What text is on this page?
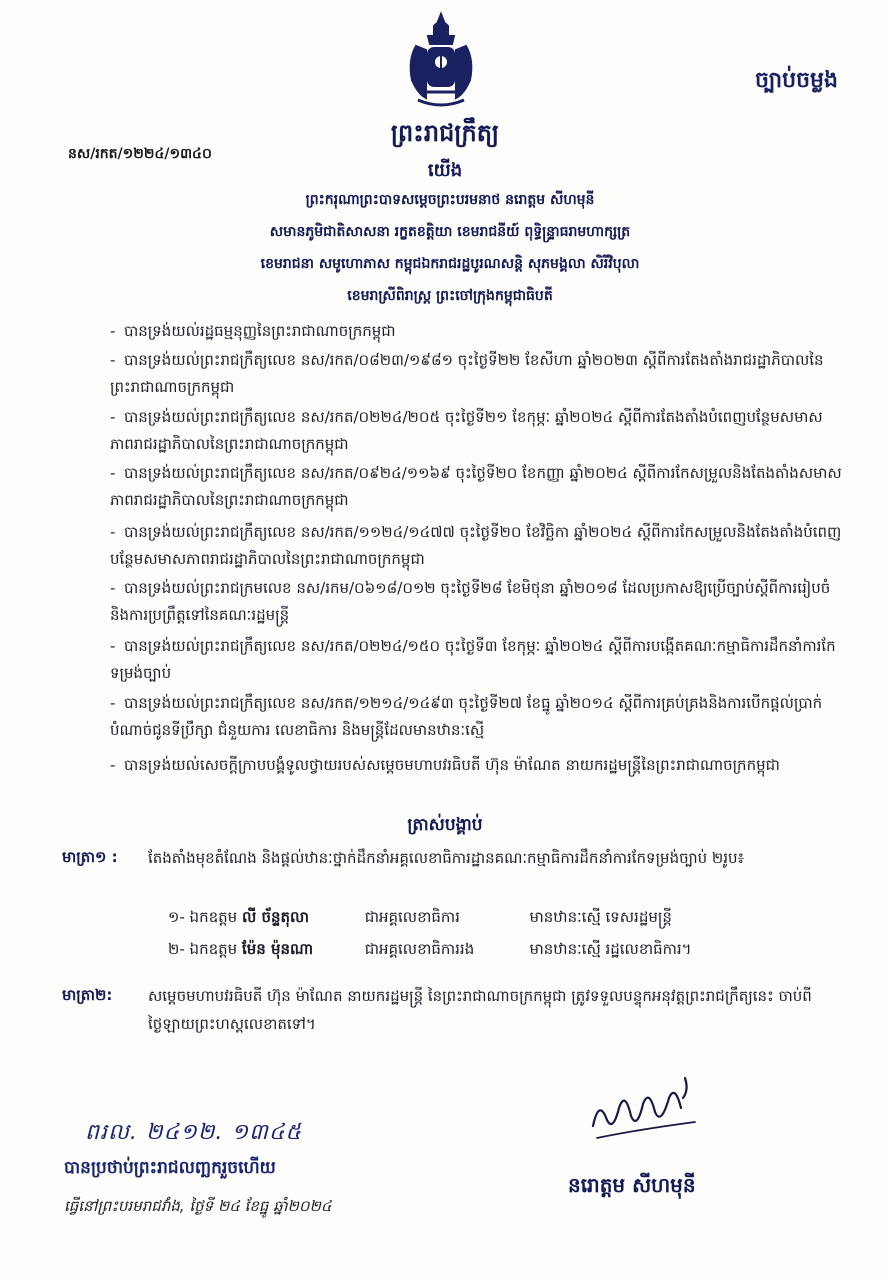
ច្បាប់ចម្លង
ព្រះរាជក្រឹត្យ
នស/រកត/១២២៤/១៣៤០
យើង
ព្រះករុណាព្រះបាទសម្តេចព្រះបរមនាថ នរោត្តម សីហមុនី
សមានភូមិជាតិសាសនា រក្ខតខត្តិយា ខេមរាជនីយ៍ ពុទ្ធិន្ទ្រាធរាមហាក្សត្រ
ខេមរាជនា សមូហោភាស កម្ពុជឯករាជរដ្ឋបូរណសន្តិ សុភមង្គលា សិរីវិបុលា
ខេមរាស្រីពិរាស្ត្រ ព្រះចៅក្រុងកម្ពុជាធិបតី
- បានទ្រង់យល់រដ្ឋធម្មនុញ្ញនៃព្រះរាជាណាចក្រកម្ពុជា
- បានទ្រង់យល់ព្រះរាជក្រឹត្យលេខ នស/រកត/០៨២៣/១៩៨១ ចុះថ្ងៃទី២២ ខែសីហា ឆ្នាំ២០២៣ ស្តីពីការតែងតាំងរាជរដ្ឋាភិបាលនៃព្រះរាជាណាចក្រកម្ពុជា
- បានទ្រង់យល់ព្រះរាជក្រឹត្យលេខ នស/រកត/០២២៤/២០៥ ចុះថ្ងៃទី២១ ខែកុម្ភៈ ឆ្នាំ២០២៤ ស្តីពីការតែងតាំងបំពេញបន្ថែមសមាសភាពរាជរដ្ឋាភិបាលនៃព្រះរាជាណាចក្រកម្ពុជា
- បានទ្រង់យល់ព្រះរាជក្រឹត្យលេខ នស/រកត/០៩២៤/១១៦៩ ចុះថ្ងៃទី២០ ខែកញ្ញា ឆ្នាំ២០២៤ ស្តីពីការកែសម្រួលនិងតែងតាំងសមាសភាពរាជរដ្ឋាភិបាលនៃព្រះរាជាណាចក្រកម្ពុជា
- បានទ្រង់យល់ព្រះរាជក្រឹត្យលេខ នស/រកត/១១២៤/១៤៧៧ ចុះថ្ងៃទី២០ ខែវិច្ឆិកា ឆ្នាំ២០២៤ ស្តីពីការកែសម្រួលនិងតែងតាំងបំពេញបន្ថែមសមាសភាពរាជរដ្ឋាភិបាលនៃព្រះរាជាណាចក្រកម្ពុជា
- បានទ្រង់យល់ព្រះរាជក្រមលេខ នស/រកម/០៦១៨/០១២ ចុះថ្ងៃទី២៨ ខែមិថុនា ឆ្នាំ២០១៨ ដែលប្រកាសឱ្យប្រើច្បាប់ស្តីពីការរៀបចំនិងការប្រព្រឹត្តទៅនៃគណៈរដ្ឋមន្ត្រី
- បានទ្រង់យល់ព្រះរាជក្រឹត្យលេខ នស/រកត/០២២៤/១៥០ ចុះថ្ងៃទី៣ ខែកុម្ភៈ ឆ្នាំ២០២៤ ស្តីពីការបង្កើតគណៈកម្មាធិការដឹកនាំការកែទម្រង់ច្បាប់
- បានទ្រង់យល់ព្រះរាជក្រឹត្យលេខ នស/រកត/១២១៤/១៤៩៣ ចុះថ្ងៃទី២៧ ខែធ្នូ ឆ្នាំ២០១៤ ស្តីពីការគ្រប់គ្រងនិងការបើកផ្តល់ប្រាក់បំណាច់ជូនទីប្រឹក្សា ជំនួយការ លេខាធិការ និងមន្ត្រីដែលមានឋានៈស្មើ
- បានទ្រង់យល់សេចក្តីក្រាបបង្គំទូលថ្វាយរបស់សម្តេចមហាបវរធិបតី ហ៊ុន ម៉ាណែត នាយករដ្ឋមន្ត្រីនៃព្រះរាជាណាចក្រកម្ពុជា
ត្រាស់បង្គាប់
មាត្រា១ : តែងតាំងមុខតំណែង និងផ្តល់ឋានៈថ្នាក់ដឹកនាំអគ្គលេខាធិការដ្ឋានគណៈកម្មាធិការដឹកនាំការកែទម្រង់ច្បាប់ ២រូប៖
១- ឯកឧត្តម លី ច័ន្ទតុលា	ជាអគ្គលេខាធិការ	មានឋានៈស្មើ ទេសរដ្ឋមន្ត្រី
២- ឯកឧត្តម ម៉ែន ម៉ុនណា	ជាអគ្គលេខាធិការរង	មានឋានៈស្មើ រដ្ឋលេខាធិការ។
មាត្រា២: សម្តេចមហាបវរធិបតី ហ៊ុន ម៉ាណែត នាយករដ្ឋមន្ត្រី នៃព្រះរាជាណាចក្រកម្ពុជា ត្រូវទទួលបន្ទុកអនុវត្តព្រះរាជក្រឹត្យនេះ ចាប់ពីថ្ងៃឡាយព្រះហស្តលេខាតទៅ។
ពរល. ២៤១២. ១៣៤៥
បានប្រថាប់ព្រះរាជលញ្ឆករួចហើយ
ធ្វើនៅព្រះបរមរាជវាំង, ថ្ងៃទី ២៤ ខែធ្នូ ឆ្នាំ២០២៤
នរោត្តម សីហមុនី
